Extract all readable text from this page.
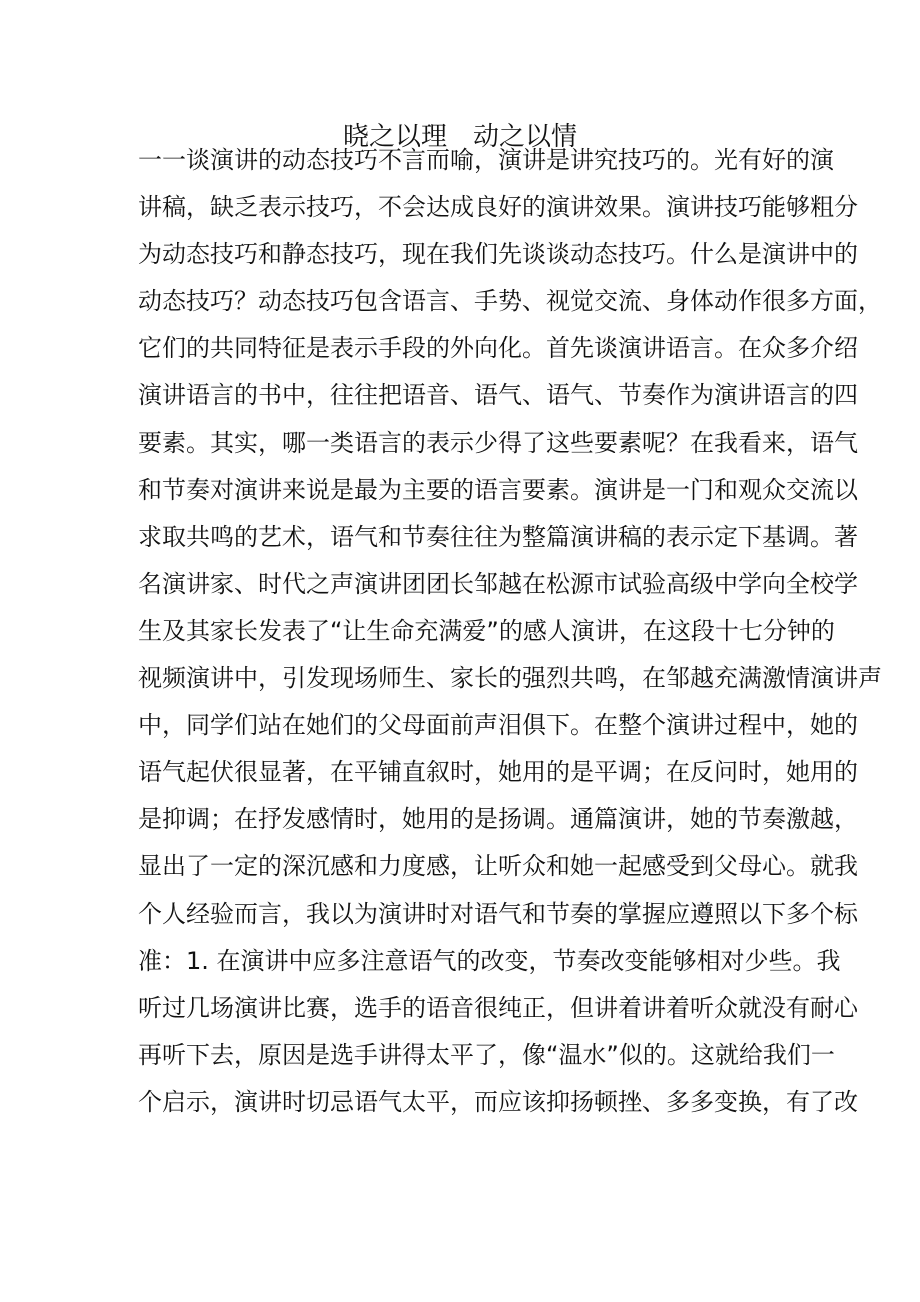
晓之以理　动之以情
一一谈演讲的动态技巧不言而喻，演讲是讲究技巧的。光有好的演
讲稿，缺乏表示技巧，不会达成良好的演讲效果。演讲技巧能够粗分
为动态技巧和静态技巧，现在我们先谈谈动态技巧。什么是演讲中的
动态技巧？动态技巧包含语言、手势、视觉交流、身体动作很多方面，
它们的共同特征是表示手段的外向化。首先谈演讲语言。在众多介绍
演讲语言的书中，往往把语音、语气、语气、节奏作为演讲语言的四
要素。其实，哪一类语言的表示少得了这些要素呢？在我看来，语气
和节奏对演讲来说是最为主要的语言要素。演讲是一门和观众交流以
求取共鸣的艺术，语气和节奏往往为整篇演讲稿的表示定下基调。著
名演讲家、时代之声演讲团团长邹越在松源市试验高级中学向全校学
生及其家长发表了“让生命充满爱”的感人演讲，在这段十七分钟的
视频演讲中，引发现场师生、家长的强烈共鸣，在邹越充满激情演讲声
中，同学们站在她们的父母面前声泪俱下。在整个演讲过程中，她的
语气起伏很显著，在平铺直叙时，她用的是平调；在反问时，她用的
是抑调；在抒发感情时，她用的是扬调。通篇演讲，她的节奏激越，
显出了一定的深沉感和力度感，让听众和她一起感受到父母心。就我
个人经验而言，我以为演讲时对语气和节奏的掌握应遵照以下多个标
准：1. 在演讲中应多注意语气的改变，节奏改变能够相对少些。我
听过几场演讲比赛，选手的语音很纯正，但讲着讲着听众就没有耐心
再听下去，原因是选手讲得太平了，像“温水”似的。这就给我们一
个启示，演讲时切忌语气太平，而应该抑扬顿挫、多多变换，有了改
